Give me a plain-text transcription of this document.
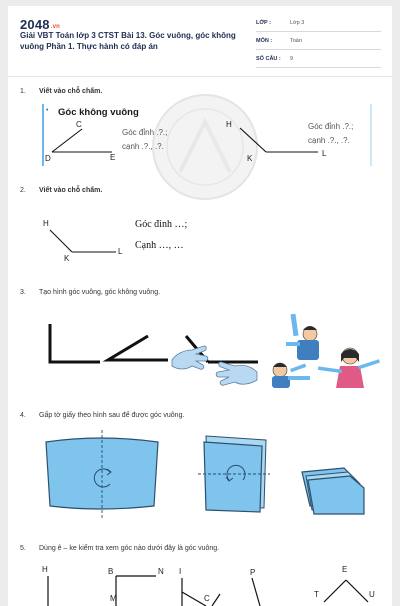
2048.vn
Giải VBT Toán lớp 3 CTST Bài 13. Góc vuông, góc không vuông Phần 1. Thực hành có đáp án
LỚP :	Lớp 3
MÔN :	Toán
SỐ CÂU : 9
1. Viết vào chỗ chấm.
• Góc không vuông
C
D	E
Góc đỉnh .?.;
cạnh .?., .?.
H
K
L
Góc đỉnh .?.;
cạnh .?., .?.
2. Viết vào chỗ chấm.
H
K
L
Góc đỉnh …;
Cạnh …, …
3. Tạo hình góc vuông, góc không vuông.
4. Gấp tờ giấy theo hình sau để được góc vuông.
5. Dùng ê – ke kiểm tra xem góc nào dưới đây là góc vuông.
H	B	N I	P	E
M	C	T	U
